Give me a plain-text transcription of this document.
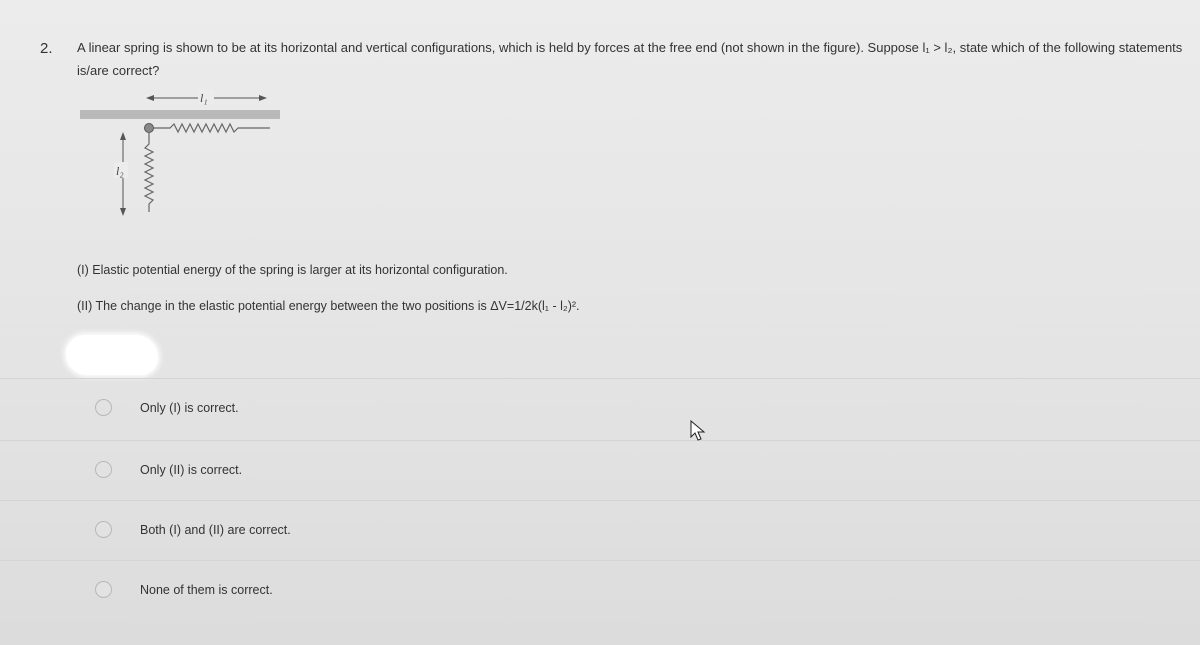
2. A linear spring is shown to be at its horizontal and vertical configurations, which is held by forces at the free end (not shown in the figure). Suppose l₁ > l₂, state which of the following statements is/are correct?
l₁
l₂
(I) Elastic potential energy of the spring is larger at its horizontal configuration.
(II) The change in the elastic potential energy between the two positions is ΔV=1/2k(l₁ - l₂)².
Only (I) is correct.
Only (II) is correct.
Both (I) and (II) are correct.
None of them is correct.
